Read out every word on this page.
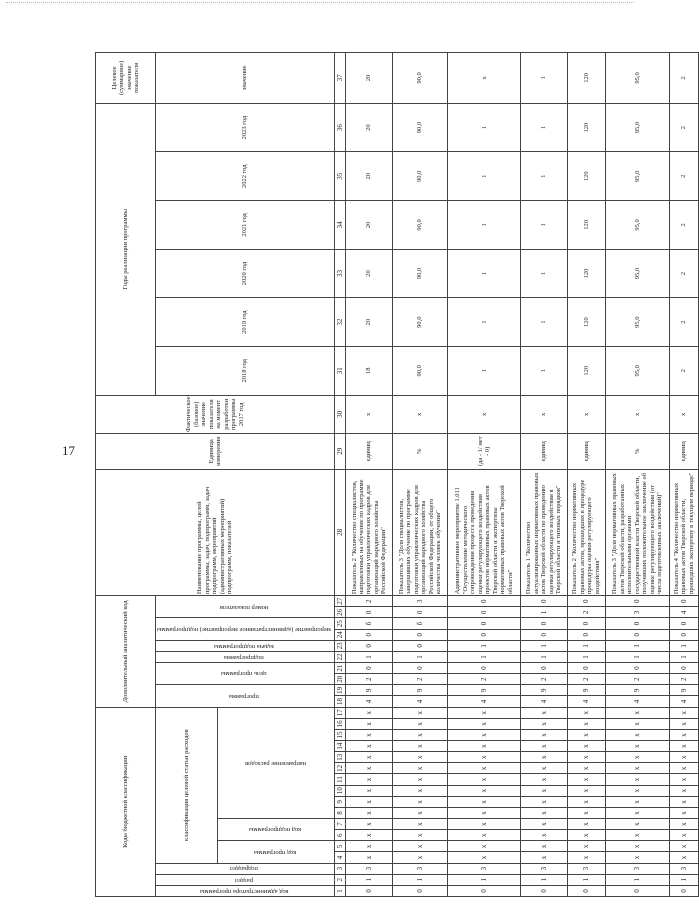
17
Коды бюджетной классификации																	Дополнительный аналитический код										Наименование программы, целей программы, задач, подпрограмм, задач подпрограмм, мероприятий (административных мероприятий) подпрограмм, показателей	Единица измерения	Фактическое (базовое) значение показателя на момент разработки программы 2017 год	Годы реализации программы						Целевое (суммарное) значение показателя
код администратора программы	раздел	подраздел	классификация целевой статьи расходов														программа		цель программы		подпрограмма	задача подпрограммы	мероприятие (административное мероприятие) подпрограммы		номер показателя					2018 год	2019 год	2020 год	2021 год	2022 год	2023 год	значение
			код программы		код подпрограммы		направление расходов																													
1	2	3	4	5	6	7	8	9	10	11	12	13	14	15	16	17	18	19	20	21	22	23	24	25	26	27	28	29	30	31	32	33	34	35	36	37
0	1	3	х	х	х	х	х	х	х	х	х	х	х	х	х	х	4	9	2	0	1	0	0	б	0	2	Показатель 2 "Количество специалистов, направленных на обучение по программе подготовки управленческих кадров для организаций народного хозяйства Российской Федерации"	единиц	х	18	20	20	20	20	20	20
0	1	3	х	х	х	х	х	х	х	х	х	х	х	х	х	х	4	9	2	0	1	0	0	б	0	3	Показатель 3 "Доля специалистов, завершивших обучение по программе подготовки управленческих кадров для организаций народного хозяйства Российской Федерации, от общего количества человек обучения"	%	х	90,0	90,0	90,0	90,0	90,0	90,0	90,0
0	1	3	х	х	х	х	х	х	х	х	х	х	х	х	х	х	4	9	2	0	1	1	0	0	0	0	Административное мероприятие 1.011 "Осуществление методического сопровождения процесса проведения оценки регулирующего воздействия проектов нормативных правовых актов Тверской области и экспертизы нормативных правовых актов Тверской области"	(да - 1/ нет - 0)	х	1	1	1	1	1	1	х
0	1	3	х	х	х	х	х	х	х	х	х	х	х	х	х	х	4	9	2	0	1	1	0	0	1	0	Показатель 1 "Количество актуализированных нормативных правовых актов Тверской области по проведению оценки регулирующего воздействия в Тверской области и типовых порядков"	единиц	х	1	1	1	1	1	1	1
0	1	3	х	х	х	х	х	х	х	х	х	х	х	х	х	х	4	9	2	0	1	1	0	0	2	0	Показатель 2 "Количество нормативных правовых актов, прошедших в процедуре процедуры оценки регулирующего воздействия"	единиц	х	120	120	120	120	120	120	120
0	1	3	х	х	х	х	х	х	х	х	х	х	х	х	х	х	4	9	2	0	1	1	0	0	3	0	Показатель 3 "Доля нормативных правовых актов Тверской области, разработанных исполнительными органами государственной власти Тверской области, получивших положительное заключение об оценке регулирующего воздействия (от числа подготовленных заключений)"	%	х	95,0	95,0	95,0	95,0	95,0	95,0	95,0
0	1	3	х	х	х	х	х	х	х	х	х	х	х	х	х	х	4	9	2	0	1	1	0	0	4	0	Показатель 4 "Количество нормативных правовых актов Тверской области, прошедших экспертизу в текущем периоде"	единиц	х	2	2	2	2	2	2	2
